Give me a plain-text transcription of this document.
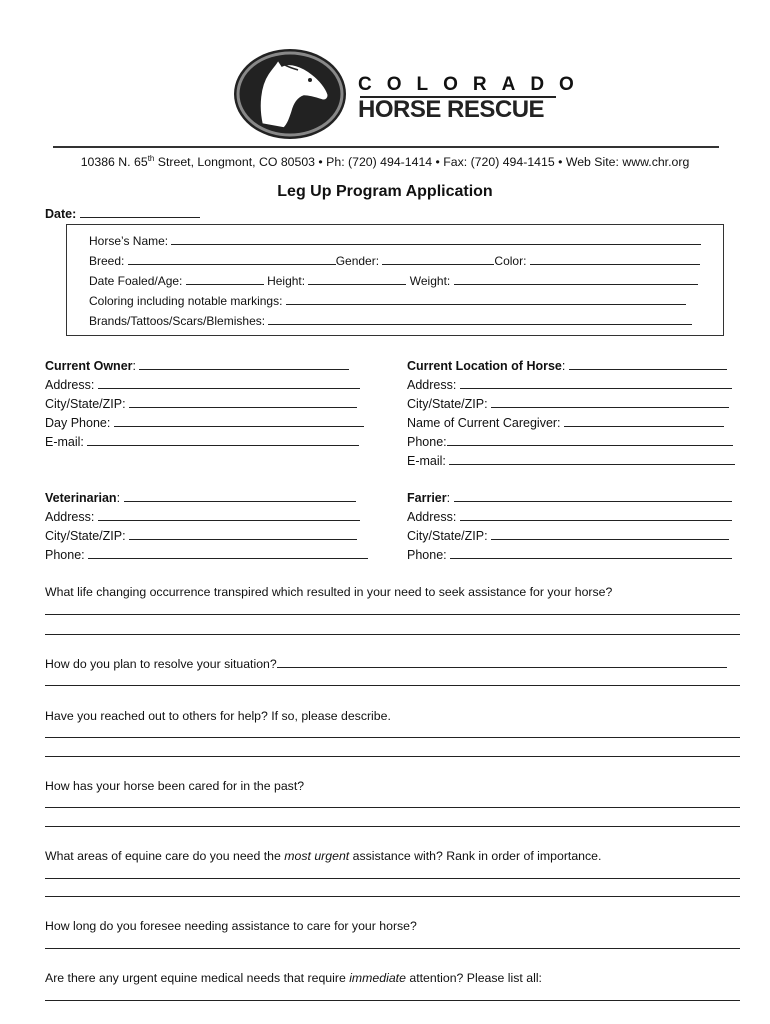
COLORADO
HORSE RESCUE
10386 N. 65th Street, Longmont, CO 80503 • Ph: (720) 494-1414 • Fax: (720) 494-1415 • Web Site: www.chr.org
Leg Up Program Application
Date:
Horse’s Name:
Breed:	Gender:	Color:
Date Foaled/Age:	Height:	Weight:
Coloring including notable markings:
Brands/Tattoos/Scars/Blemishes:
Current Owner:
Address:
City/State/ZIP:
Day Phone:
E-mail:
Current Location of Horse:
Address:
City/State/ZIP:
Name of Current Caregiver:
Phone:
E-mail:
Veterinarian:
Address:
City/State/ZIP:
Phone:
Farrier:
Address:
City/State/ZIP:
Phone:
What life changing occurrence transpired which resulted in your need to seek assistance for your horse?
How do you plan to resolve your situation?
Have you reached out to others for help? If so, please describe.
How has your horse been cared for in the past?
What areas of equine care do you need the most urgent assistance with? Rank in order of importance.
How long do you foresee needing assistance to care for your horse?
Are there any urgent equine medical needs that require immediate attention? Please list all:
